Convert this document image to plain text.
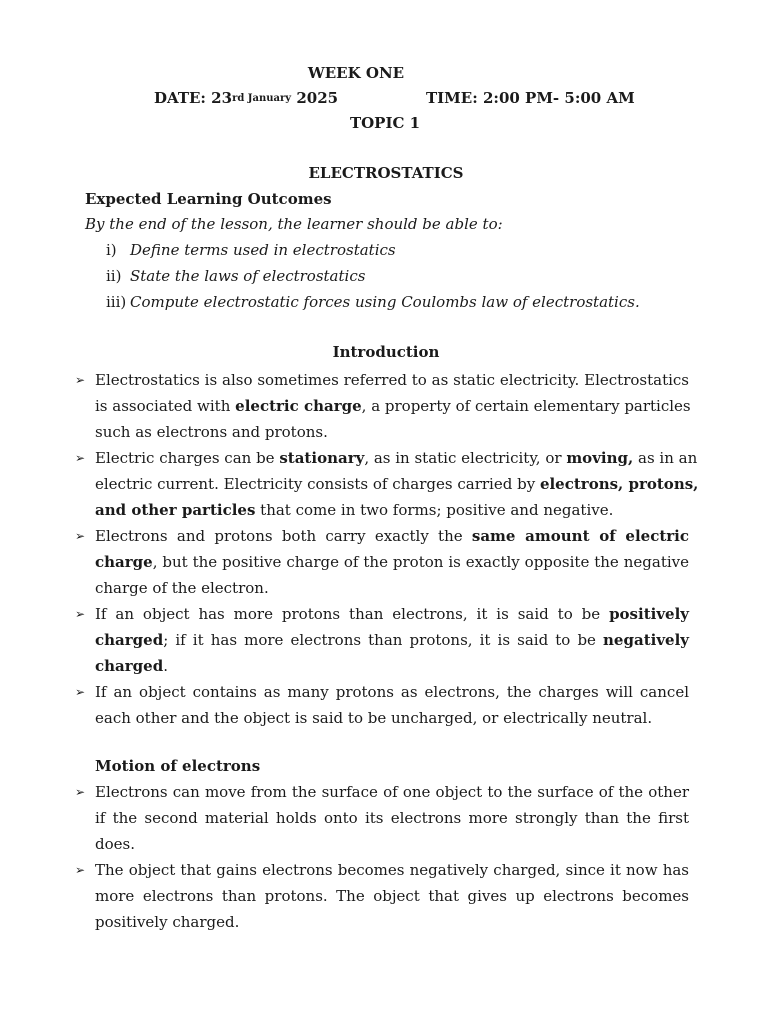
WEEK ONE
DATE: $23^{rd January}$ 2025	TIME: 2:00 PM- 5:00 AM
TOPIC 1
ELECTROSTATICS
Expected Learning Outcomes
By the end of the lesson, the learner should be able to:
i) Define terms used in electrostatics
ii) State the laws of electrostatics
iii) Compute electrostatic forces using Coulombs law of electrostatics.
Introduction
➢ Electrostatics is also sometimes referred to as static electricity. Electrostatics
is associated with electric charge, a property of certain elementary particles
such as electrons and protons.
➢ Electric charges can be stationary, as in static electricity, or moving, as in an
electric current. Electricity consists of charges carried by electrons, protons,
and other particles that come in two forms; positive and negative.
➢ Electrons and protons both carry exactly the same amount of electric
charge, but the positive charge of the proton is exactly opposite the negative
charge of the electron.
➢ If an object has more protons than electrons, it is said to be positively
charged; if it has more electrons than protons, it is said to be negatively
charged.
➢ If an object contains as many protons as electrons, the charges will cancel
each other and the object is said to be uncharged, or electrically neutral.
Motion of electrons
➢ Electrons can move from the surface of one object to the surface of the other
if the second material holds onto its electrons more strongly than the first
does.
➢ The object that gains electrons becomes negatively charged, since it now has
more electrons than protons. The object that gives up electrons becomes
positively charged.
